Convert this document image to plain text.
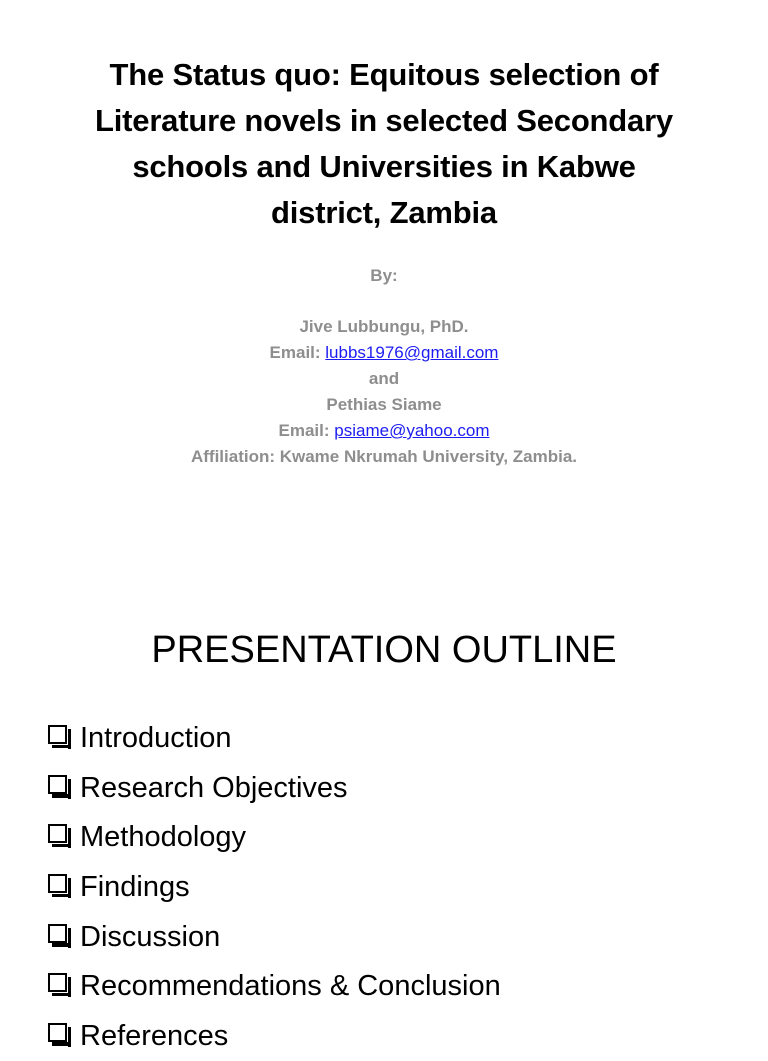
The Status quo: Equitous selection of
Literature novels in selected Secondary
schools and Universities in Kabwe
district, Zambia
By:
Jive Lubbungu, PhD.
Email: lubbs1976@gmail.com
and
Pethias Siame
Email: psiame@yahoo.com
Affiliation: Kwame Nkrumah University, Zambia.
PRESENTATION OUTLINE
Introduction
Research Objectives
Methodology
Findings
Discussion
Recommendations & Conclusion
References
